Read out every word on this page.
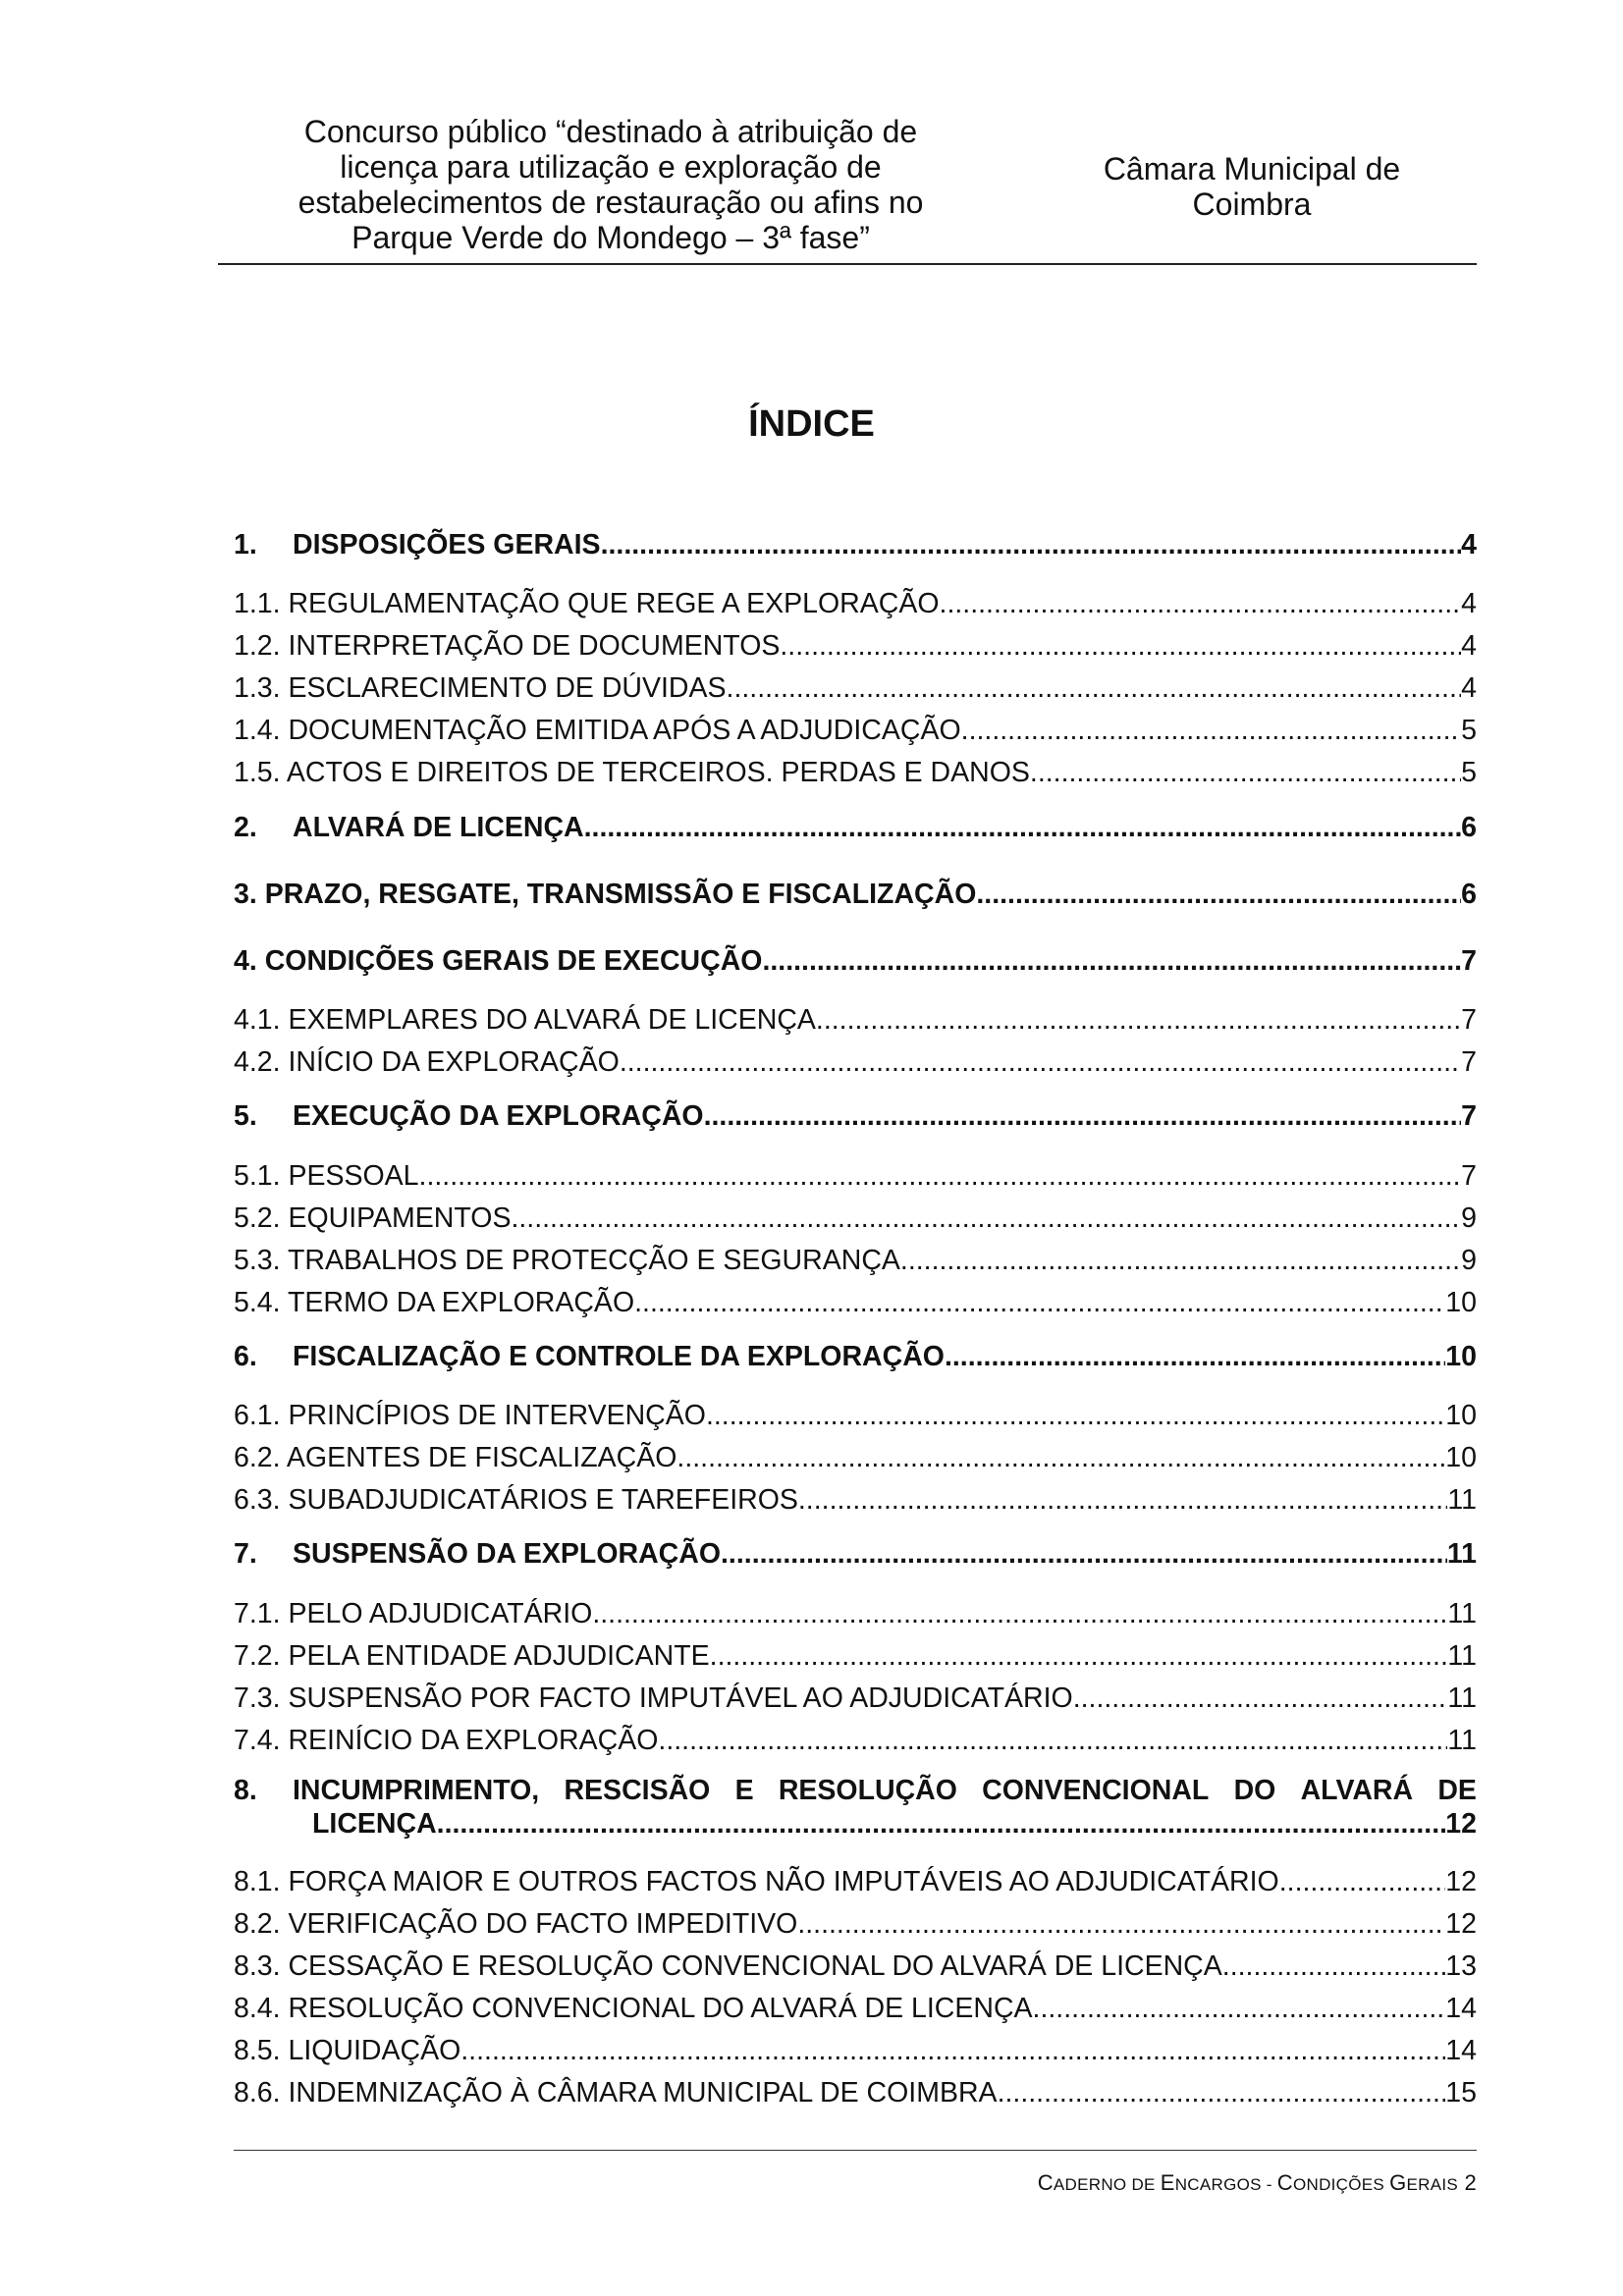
Concurso público “destinado à atribuição de
licença para utilização e exploração de
estabelecimentos de restauração ou afins no
Parque Verde do Mondego – 3ª fase”
Câmara Municipal de
Coimbra
ÍNDICE
1. DISPOSIÇÕES GERAIS .....	4
1.1. REGULAMENTAÇÃO QUE REGE A EXPLORAÇÃO .....	4
1.2. INTERPRETAÇÃO DE DOCUMENTOS .....	4
1.3. ESCLARECIMENTO DE DÚVIDAS .....	4
1.4. DOCUMENTAÇÃO EMITIDA APÓS A ADJUDICAÇÃO .....	5
1.5. ACTOS E DIREITOS DE TERCEIROS. PERDAS E DANOS .....	5
2. ALVARÁ DE LICENÇA .....	6
3. PRAZO, RESGATE, TRANSMISSÃO E FISCALIZAÇÃO .....	6
4. CONDIÇÕES GERAIS DE EXECUÇÃO .....	7
4.1. EXEMPLARES DO ALVARÁ DE LICENÇA .....	7
4.2. INÍCIO DA EXPLORAÇÃO .....	7
5. EXECUÇÃO DA EXPLORAÇÃO .....	7
5.1. PESSOAL .....	7
5.2. EQUIPAMENTOS .....	9
5.3. TRABALHOS DE PROTECÇÃO E SEGURANÇA .....	9
5.4. TERMO DA EXPLORAÇÃO .....	10
6. FISCALIZAÇÃO E CONTROLE DA EXPLORAÇÃO .....	10
6.1. PRINCÍPIOS DE INTERVENÇÃO .....	10
6.2. AGENTES DE FISCALIZAÇÃO .....	10
6.3. SUBADJUDICATÁRIOS E TAREFEIROS .....	11
7. SUSPENSÃO DA EXPLORAÇÃO .....	11
7.1. PELO ADJUDICATÁRIO .....	11
7.2. PELA ENTIDADE ADJUDICANTE .....	11
7.3. SUSPENSÃO POR FACTO IMPUTÁVEL AO ADJUDICATÁRIO .....	11
7.4. REINÍCIO DA EXPLORAÇÃO .....	11
8.	INCUMPRIMENTO, RESCISÃO E RESOLUÇÃO CONVENCIONAL DO ALVARÁ DE
LICENÇA .....	12
8.1. FORÇA MAIOR E OUTROS FACTOS NÃO IMPUTÁVEIS AO ADJUDICATÁRIO .....	12
8.2. VERIFICAÇÃO DO FACTO IMPEDITIVO .....	12
8.3. CESSAÇÃO E RESOLUÇÃO CONVENCIONAL DO ALVARÁ DE LICENÇA .....	13
8.4. RESOLUÇÃO CONVENCIONAL DO ALVARÁ DE LICENÇA .....	14
8.5. LIQUIDAÇÃO .....	14
8.6. INDEMNIZAÇÃO À CÂMARA MUNICIPAL DE COIMBRA .....	15
CADERNO DE ENCARGOS - CONDIÇÕES GERAIS 2
